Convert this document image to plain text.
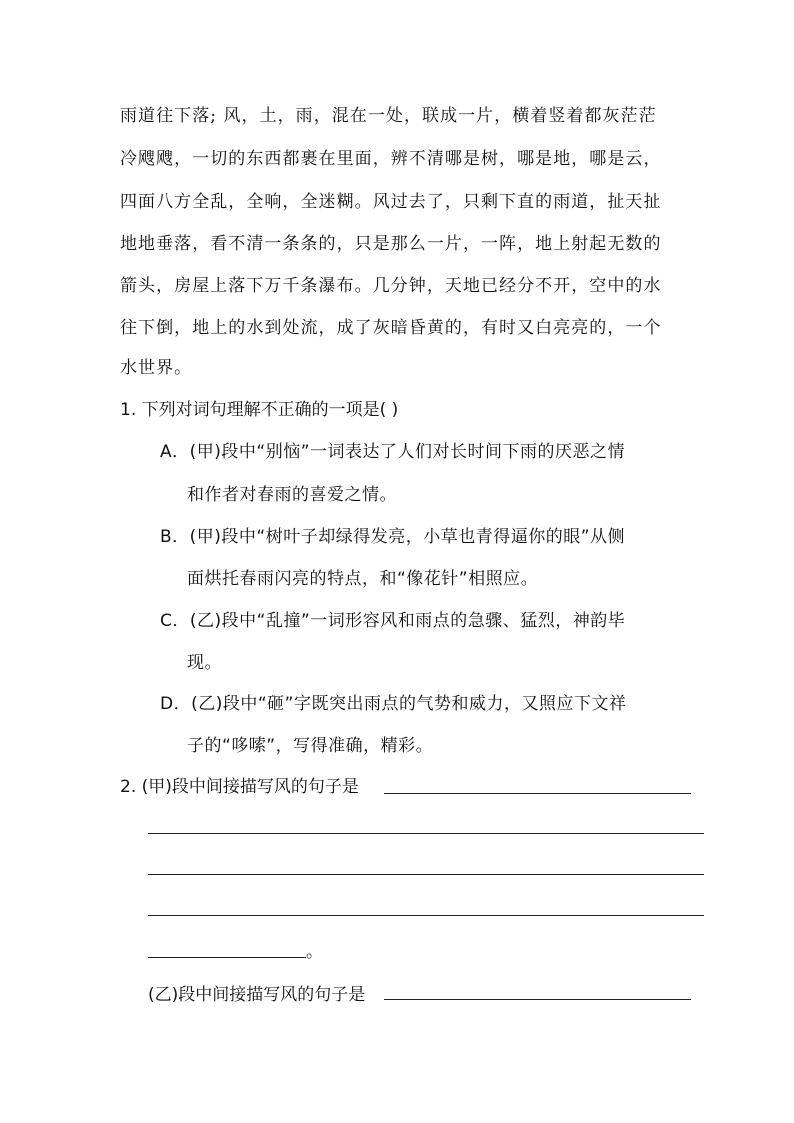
雨道往下落; 风，土，雨，混在一处，联成一片，横着竖着都灰茫茫
冷飕飕，一切的东西都裹在里面，辨不清哪是树，哪是地，哪是云，
四面八方全乱，全响，全迷糊。风过去了，只剩下直的雨道，扯天扯
地地垂落，看不清一条条的，只是那么一片，一阵，地上射起无数的
箭头，房屋上落下万千条瀑布。几分钟，天地已经分不开，空中的水
往下倒，地上的水到处流，成了灰暗昏黄的，有时又白亮亮的，一个
水世界。
1. 下列对词句理解不正确的一项是( )
A．(甲)段中“别恼”一词表达了人们对长时间下雨的厌恶之情
和作者对春雨的喜爱之情。
B．(甲)段中“树叶子却绿得发亮，小草也青得逼你的眼”从侧
面烘托春雨闪亮的特点，和“像花针”相照应。
C．(乙)段中“乱撞”一词形容风和雨点的急骤、猛烈，神韵毕
现。
D．(乙)段中“砸”字既突出雨点的气势和威力，又照应下文祥
子的“哆嗦”，写得准确，精彩。
2. (甲)段中间接描写风的句子是
。
(乙)段中间接描写风的句子是
